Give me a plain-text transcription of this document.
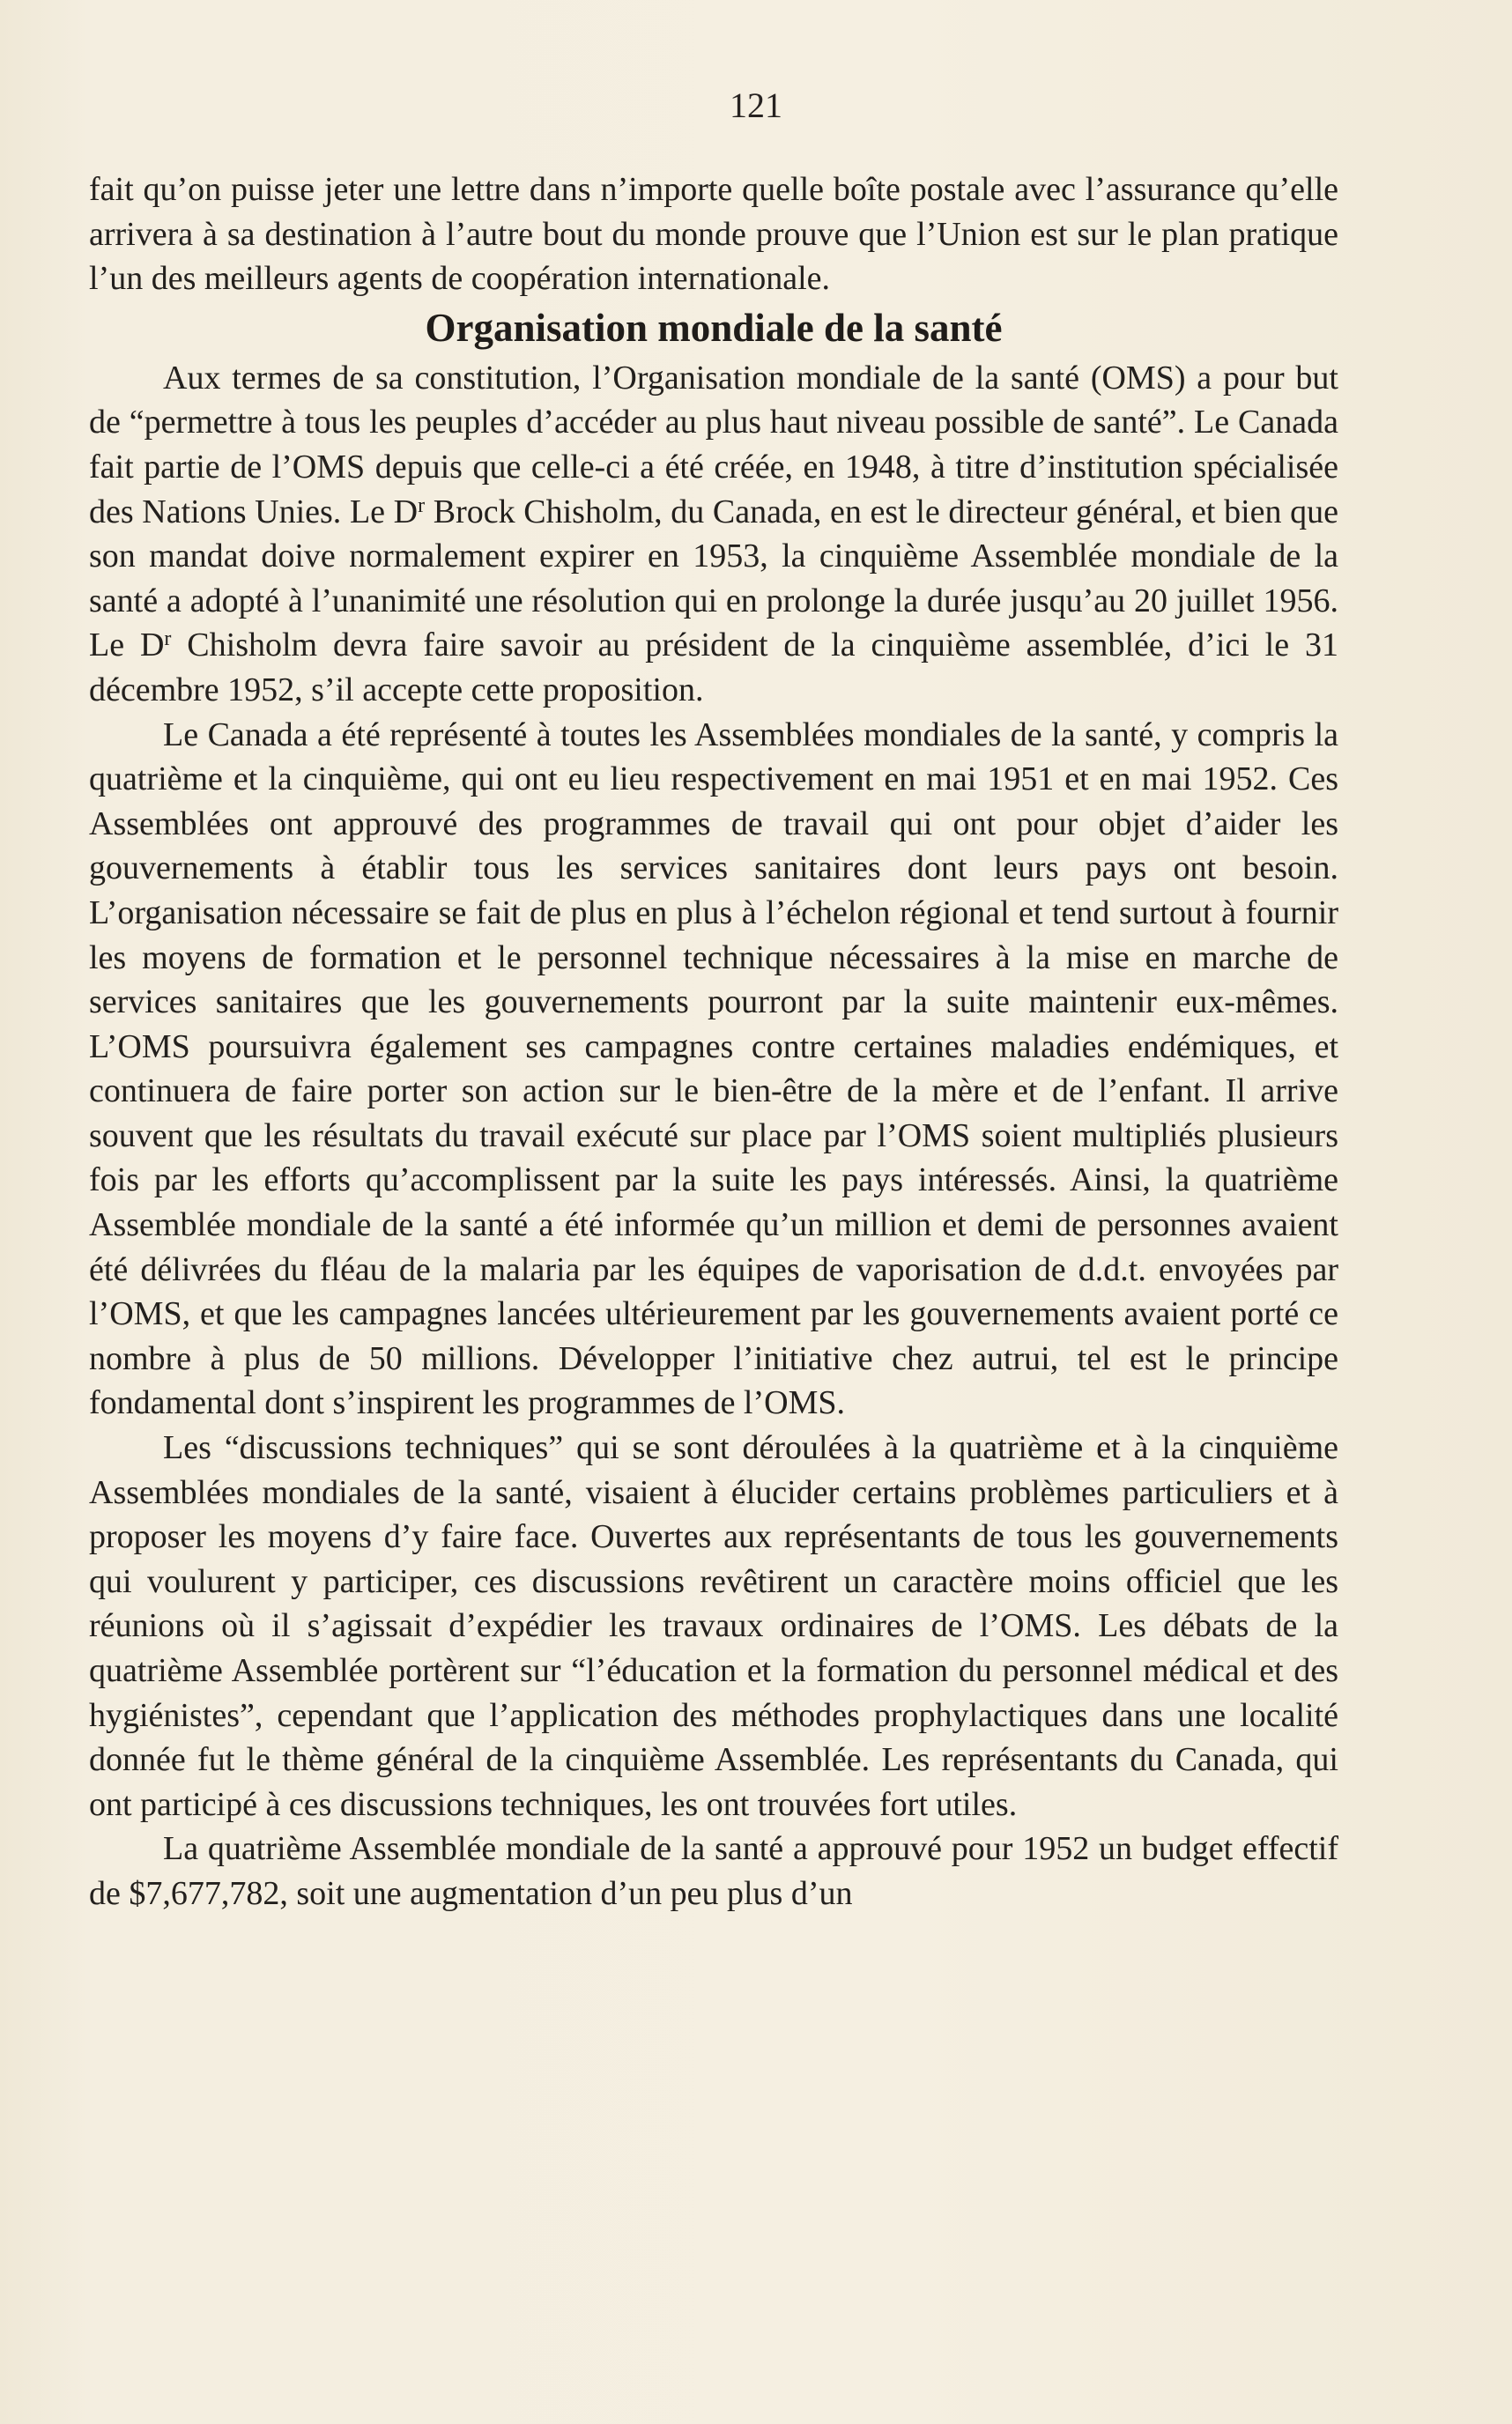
121

fait qu’on puisse jeter une lettre dans n’importe quelle boîte postale avec l’assurance qu’elle arrivera à sa destination à l’autre bout du monde prouve que l’Union est sur le plan pratique l’un des meilleurs agents de coopération internationale.

Organisation mondiale de la santé

Aux termes de sa constitution, l’Organisation mondiale de la santé (OMS) a pour but de “permettre à tous les peuples d’accéder au plus haut niveau possible de santé”. Le Canada fait partie de l’OMS depuis que celle-ci a été créée, en 1948, à titre d’institution spécialisée des Nations Unies. Le $D^r$ Brock Chisholm, du Canada, en est le directeur général, et bien que son mandat doive normalement expirer en 1953, la cinquième Assemblée mondiale de la santé a adopté à l’unanimité une résolution qui en prolonge la durée jusqu’au 20 juillet 1956. Le $D^r$ Chisholm devra faire savoir au président de la cinquième assemblée, d’ici le 31 décembre 1952, s’il accepte cette proposition.

Le Canada a été représenté à toutes les Assemblées mondiales de la santé, y compris la quatrième et la cinquième, qui ont eu lieu respectivement en mai 1951 et en mai 1952. Ces Assemblées ont approuvé des programmes de travail qui ont pour objet d’aider les gouvernements à établir tous les services sanitaires dont leurs pays ont besoin. L’organisation nécessaire se fait de plus en plus à l’échelon régional et tend surtout à fournir les moyens de formation et le personnel technique nécessaires à la mise en marche de services sanitaires que les gouvernements pourront par la suite maintenir eux-mêmes. L’OMS poursuivra également ses campagnes contre certaines maladies endémiques, et continuera de faire porter son action sur le bien-être de la mère et de l’enfant. Il arrive souvent que les résultats du travail exécuté sur place par l’OMS soient multipliés plusieurs fois par les efforts qu’accomplissent par la suite les pays intéressés. Ainsi, la quatrième Assemblée mondiale de la santé a été informée qu’un million et demi de personnes avaient été délivrées du fléau de la malaria par les équipes de vaporisation de d.d.t. envoyées par l’OMS, et que les campagnes lancées ultérieurement par les gouvernements avaient porté ce nombre à plus de 50 millions. Développer l’initiative chez autrui, tel est le principe fondamental dont s’inspirent les programmes de l’OMS.

Les “discussions techniques” qui se sont déroulées à la quatrième et à la cinquième Assemblées mondiales de la santé, visaient à élucider certains problèmes particuliers et à proposer les moyens d’y faire face. Ouvertes aux représentants de tous les gouvernements qui voulurent y participer, ces discussions revêtirent un caractère moins officiel que les réunions où il s’agissait d’expédier les travaux ordinaires de l’OMS. Les débats de la quatrième Assemblée portèrent sur “l’éducation et la formation du personnel médical et des hygiénistes”, cependant que l’application des méthodes prophylactiques dans une localité donnée fut le thème général de la cinquième Assemblée. Les représentants du Canada, qui ont participé à ces discussions techniques, les ont trouvées fort utiles.

La quatrième Assemblée mondiale de la santé a approuvé pour 1952 un budget effectif de $7,677,782, soit une augmentation d’un peu plus d’un
